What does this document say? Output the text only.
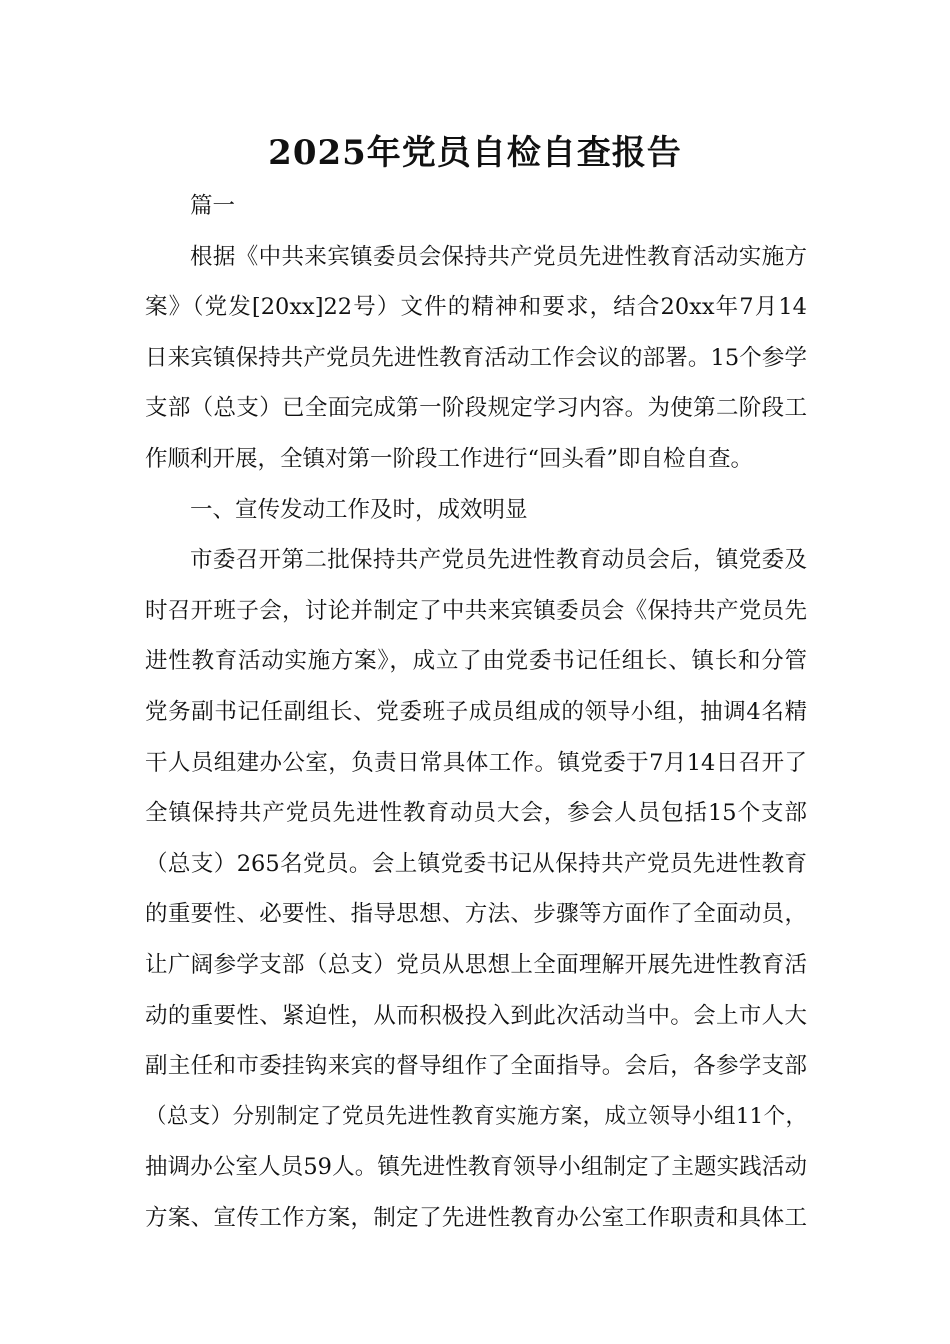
2025年党员自检自查报告
篇一
根据《中共来宾镇委员会保持共产党员先进性教育活动实施方
案》（党发[20xx]22号）文件的精神和要求，结合20xx年7月14
日来宾镇保持共产党员先进性教育活动工作会议的部署。15个参学
支部（总支）已全面完成第一阶段规定学习内容。为使第二阶段工
作顺利开展，全镇对第一阶段工作进行“回头看”即自检自查。
一、宣传发动工作及时，成效明显
市委召开第二批保持共产党员先进性教育动员会后，镇党委及
时召开班子会，讨论并制定了中共来宾镇委员会《保持共产党员先
进性教育活动实施方案》，成立了由党委书记任组长、镇长和分管
党务副书记任副组长、党委班子成员组成的领导小组，抽调4名精
干人员组建办公室，负责日常具体工作。镇党委于7月14日召开了
全镇保持共产党员先进性教育动员大会，参会人员包括15个支部
（总支）265名党员。会上镇党委书记从保持共产党员先进性教育
的重要性、必要性、指导思想、方法、步骤等方面作了全面动员，
让广阔参学支部（总支）党员从思想上全面理解开展先进性教育活
动的重要性、紧迫性，从而积极投入到此次活动当中。会上市人大
副主任和市委挂钩来宾的督导组作了全面指导。会后，各参学支部
（总支）分别制定了党员先进性教育实施方案，成立领导小组11个，
抽调办公室人员59人。镇先进性教育领导小组制定了主题实践活动
方案、宣传工作方案，制定了先进性教育办公室工作职责和具体工
